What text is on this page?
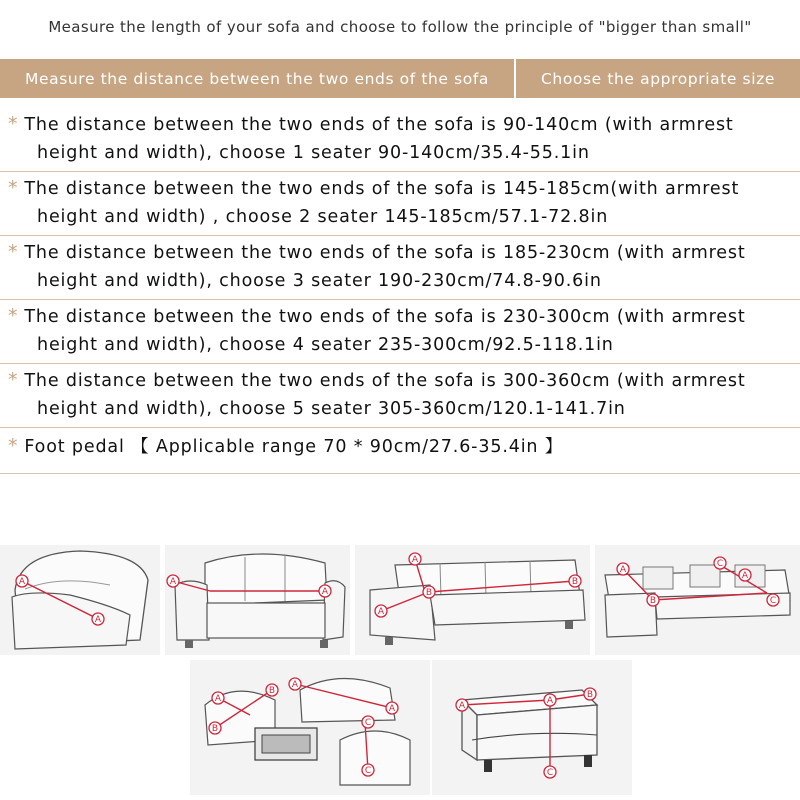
Measure the length of your sofa and choose to follow the principle of "bigger than small"
Measure the distance between the two ends of the sofa	Choose the appropriate size
* The distance between the two ends of the sofa is 90-140cm (with armrest
height and width), choose 1 seater 90-140cm/35.4-55.1in
* The distance between the two ends of the sofa is 145-185cm(with armrest
height and width) , choose 2 seater 145-185cm/57.1-72.8in
* The distance between the two ends of the sofa is 185-230cm (with armrest
height and width), choose 3 seater 190-230cm/74.8-90.6in
* The distance between the two ends of the sofa is 230-300cm (with armrest
height and width), choose 4 seater 235-300cm/92.5-118.1in
* The distance between the two ends of the sofa is 300-360cm (with armrest
height and width), choose 5 seater 305-360cm/120.1-141.7in
* Foot pedal 【 Applicable range 70 * 90cm/27.6-35.4in 】
A
A
A
A
A
B
B
A
A
B
C
A
C
A
B
B
A
A
C
C
A	A
B
C
